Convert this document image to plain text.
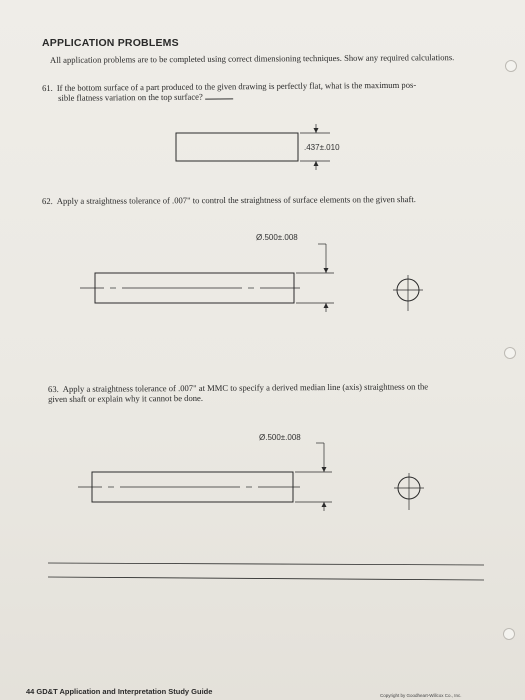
APPLICATION PROBLEMS
All application problems are to be completed using correct dimensioning techniques. Show any required calculations.
61. If the bottom surface of a part produced to the given drawing is perfectly flat, what is the maximum pos-
sible flatness variation on the top surface?
62. Apply a straightness tolerance of .007" to control the straightness of surface elements on the given shaft.
63. Apply a straightness tolerance of .007" at MMC to specify a derived median line (axis) straightness on the
given shaft or explain why it cannot be done.
.437±.010
Ø.500±.008
Ø.500±.008
44 GD&T Application and Interpretation Study Guide	Copyright by Goodheart-Willcox Co., Inc.
